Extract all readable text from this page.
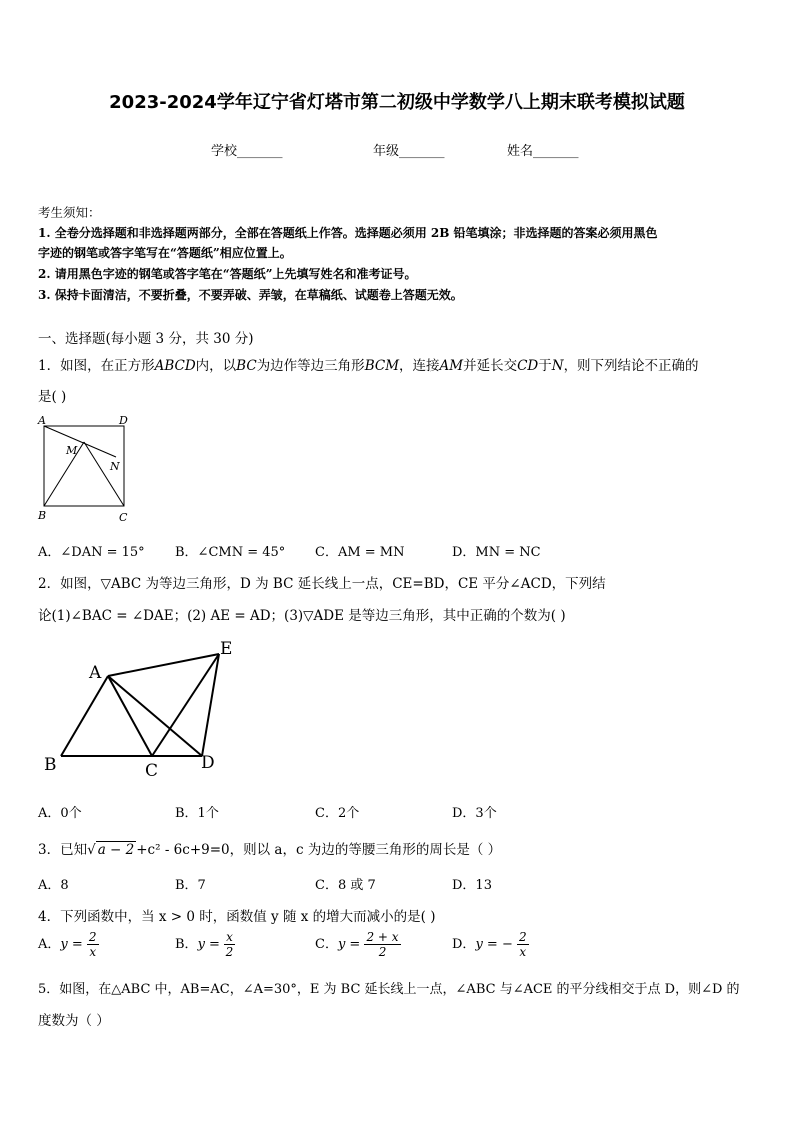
2023-2024学年辽宁省灯塔市第二初级中学数学八上期末联考模拟试题
学校_______	年级_______	姓名_______
考生须知：
1. 全卷分选择题和非选择题两部分，全部在答题纸上作答。选择题必须用 2B 铅笔填涂；非选择题的答案必须用黑色
字迹的钢笔或答字笔写在“答题纸”相应位置上。
2. 请用黑色字迹的钢笔或答字笔在“答题纸”上先填写姓名和准考证号。
3. 保持卡面清洁，不要折叠，不要弄破、弄皱，在草稿纸、试题卷上答题无效。
一、选择题(每小题 3 分，共 30 分)
1．如图，在正方形ABCD内，以BC为边作等边三角形BCM，连接AM并延长交CD于N，则下列结论不正确的
是( )
A	D
M
N
B	C
A．∠DAN = 15° B．∠CMN = 45° C．AM = MN	D．MN = NC
2．如图，▽ABC 为等边三角形，D 为 BC 延长线上一点，CE=BD，CE 平分∠ACD，下列结
论(1)∠BAC = ∠DAE；(2) AE = AD；(3)▽ADE 是等边三角形，其中正确的个数为( )
A
E
B	C	D
A．0个	B．1个	C．2个	D．3个
3．已知√ a − 2 +c² - 6c+9=0，则以 a，c 为边的等腰三角形的周长是（ ）
A．8	B．7	C．8 或 7	D．13
4．下列函数中，当 x > 0 时，函数值 y 随 x 的增大而减小的是( )
A．$y = \frac{2}{x}$	B．$y = \frac{x}{2}$	C．$y = \frac{2 + x}{2}$	D．y = − $\frac{2}{x}$
5．如图，在△ABC 中，AB=AC，∠A=30°，E 为 BC 延长线上一点，∠ABC 与∠ACE 的平分线相交于点 D，则∠D 的
度数为（ ）
